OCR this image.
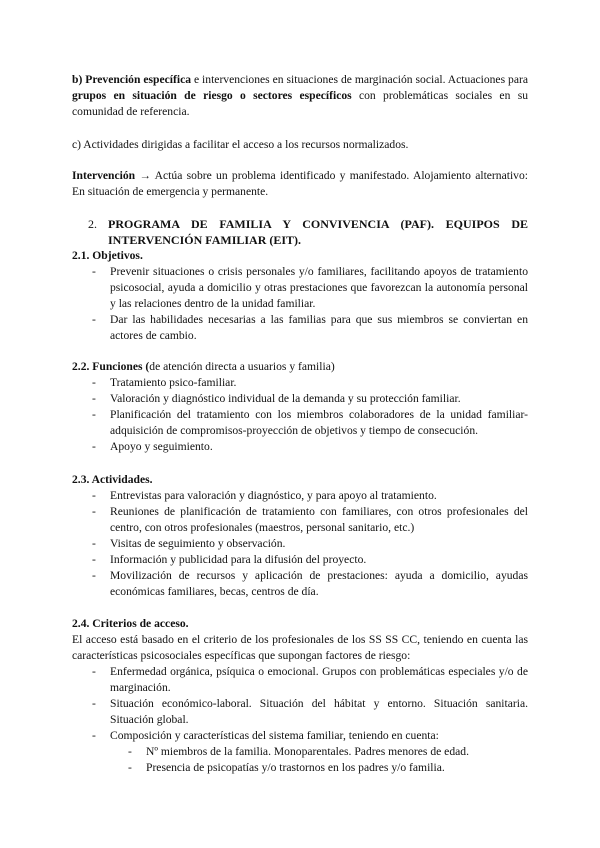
b) Prevención específica e intervenciones en situaciones de marginación social. Actuaciones para grupos en situación de riesgo o sectores específicos con problemáticas sociales en su comunidad de referencia.

c) Actividades dirigidas a facilitar el acceso a los recursos normalizados.

Intervención → Actúa sobre un problema identificado y manifestado. Alojamiento alternativo: En situación de emergencia y permanente.

2. PROGRAMA DE FAMILIA Y CONVIVENCIA (PAF). EQUIPOS DE INTERVENCIÓN FAMILIAR (EIT).
2.1. Objetivos.
- Prevenir situaciones o crisis personales y/o familiares, facilitando apoyos de tratamiento psicosocial, ayuda a domicilio y otras prestaciones que favorezcan la autonomía personal y las relaciones dentro de la unidad familiar.
- Dar las habilidades necesarias a las familias para que sus miembros se conviertan en actores de cambio.
2.2. Funciones (de atención directa a usuarios y familia)
- Tratamiento psico-familiar.
- Valoración y diagnóstico individual de la demanda y su protección familiar.
- Planificación del tratamiento con los miembros colaboradores de la unidad familiar- adquisición de compromisos-proyección de objetivos y tiempo de consecución.
- Apoyo y seguimiento.
2.3. Actividades.
- Entrevistas para valoración y diagnóstico, y para apoyo al tratamiento.
- Reuniones de planificación de tratamiento con familiares, con otros profesionales del centro, con otros profesionales (maestros, personal sanitario, etc.)
- Visitas de seguimiento y observación.
- Información y publicidad para la difusión del proyecto.
- Movilización de recursos y aplicación de prestaciones: ayuda a domicilio, ayudas económicas familiares, becas, centros de día.
2.4. Criterios de acceso.

El acceso está basado en el criterio de los profesionales de los SS SS CC, teniendo en cuenta las características psicosociales específicas que supongan factores de riesgo:

- Enfermedad orgánica, psíquica o emocional. Grupos con problemáticas especiales y/o de marginación.
- Situación económico-laboral. Situación del hábitat y entorno. Situación sanitaria. Situación global.
- Composición y características del sistema familiar, teniendo en cuenta:
- Nº miembros de la familia. Monoparentales. Padres menores de edad.
- Presencia de psicopatías y/o trastornos en los padres y/o familia.
